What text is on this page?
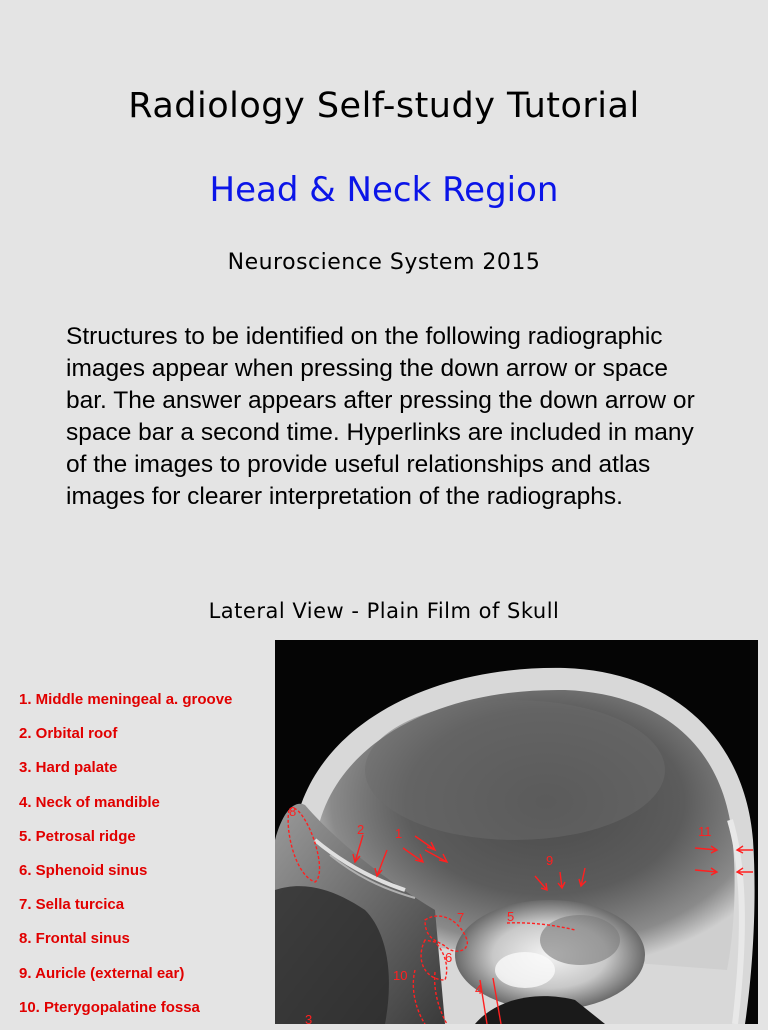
Radiology Self-study Tutorial
Head & Neck Region
Neuroscience System 2015

Structures to be identified on the following radiographic
images appear when pressing the down arrow or space
bar. The answer appears after pressing the down arrow or
space bar a second time. Hyperlinks are included in many
of the images to provide useful relationships and atlas
images for clearer interpretation of the radiographs.

Lateral View - Plain Film of Skull
1. Middle meningeal a. groove
2. Orbital roof
3. Hard palate
4. Neck of mandible
5. Petrosal ridge
6. Sphenoid sinus
7. Sella turcica
8. Frontal sinus
9. Auricle (external ear)
10. Pterygopalatine fossa
1
2
3
4
5
6
7
8
9
10
11
